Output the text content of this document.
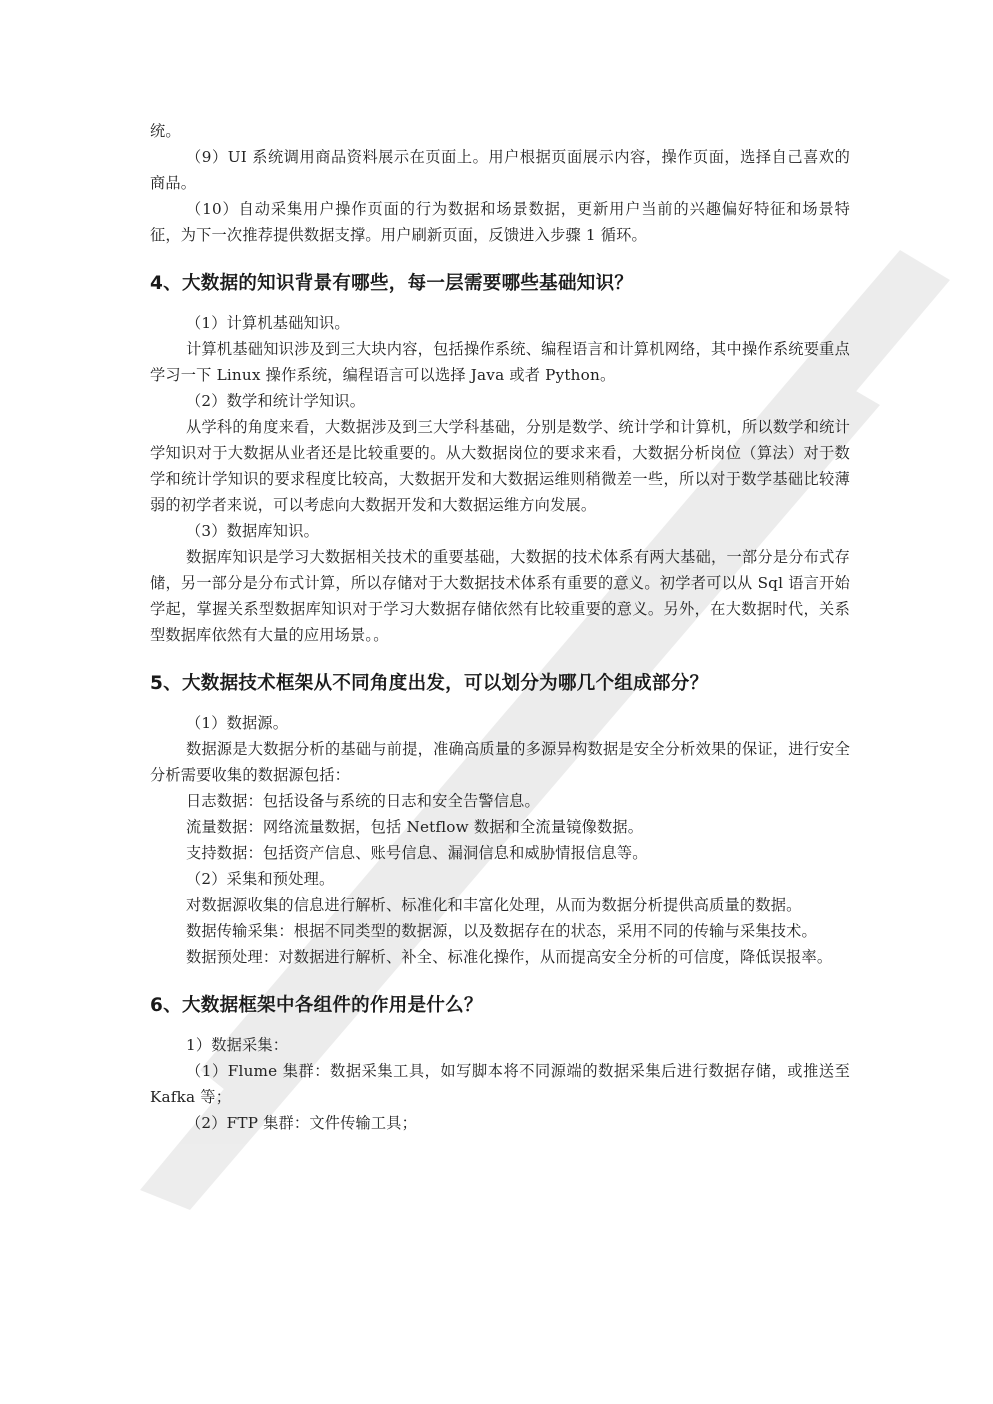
统。

（9）UI 系统调用商品资料展示在页面上。用户根据页面展示内容，操作页面，选择自己喜欢的商品。

（10）自动采集用户操作页面的行为数据和场景数据，更新用户当前的兴趣偏好特征和场景特征，为下一次推荐提供数据支撑。用户刷新页面，反馈进入步骤 1 循环。

4、大数据的知识背景有哪些，每一层需要哪些基础知识？

（1）计算机基础知识。

计算机基础知识涉及到三大块内容，包括操作系统、编程语言和计算机网络，其中操作系统要重点学习一下 Linux 操作系统，编程语言可以选择 Java 或者 Python。

（2）数学和统计学知识。

从学科的角度来看，大数据涉及到三大学科基础，分别是数学、统计学和计算机，所以数学和统计学知识对于大数据从业者还是比较重要的。从大数据岗位的要求来看，大数据分析岗位（算法）对于数学和统计学知识的要求程度比较高，大数据开发和大数据运维则稍微差一些，所以对于数学基础比较薄弱的初学者来说，可以考虑向大数据开发和大数据运维方向发展。

（3）数据库知识。

数据库知识是学习大数据相关技术的重要基础，大数据的技术体系有两大基础，一部分是分布式存储，另一部分是分布式计算，所以存储对于大数据技术体系有重要的意义。初学者可以从 Sql 语言开始学起，掌握关系型数据库知识对于学习大数据存储依然有比较重要的意义。另外，在大数据时代，关系型数据库依然有大量的应用场景。。

5、大数据技术框架从不同角度出发，可以划分为哪几个组成部分？

（1）数据源。

数据源是大数据分析的基础与前提，准确高质量的多源异构数据是安全分析效果的保证，进行安全分析需要收集的数据源包括：

日志数据：包括设备与系统的日志和安全告警信息。

流量数据：网络流量数据，包括 Netflow 数据和全流量镜像数据。

支持数据：包括资产信息、账号信息、漏洞信息和威胁情报信息等。

（2）采集和预处理。

对数据源收集的信息进行解析、标准化和丰富化处理，从而为数据分析提供高质量的数据。

数据传输采集：根据不同类型的数据源，以及数据存在的状态，采用不同的传输与采集技术。

数据预处理：对数据进行解析、补全、标准化操作，从而提高安全分析的可信度，降低误报率。

6、大数据框架中各组件的作用是什么？

1）数据采集：

（1）Flume 集群：数据采集工具，如写脚本将不同源端的数据采集后进行数据存储，或推送至 Kafka 等；

（2）FTP 集群：文件传输工具；
